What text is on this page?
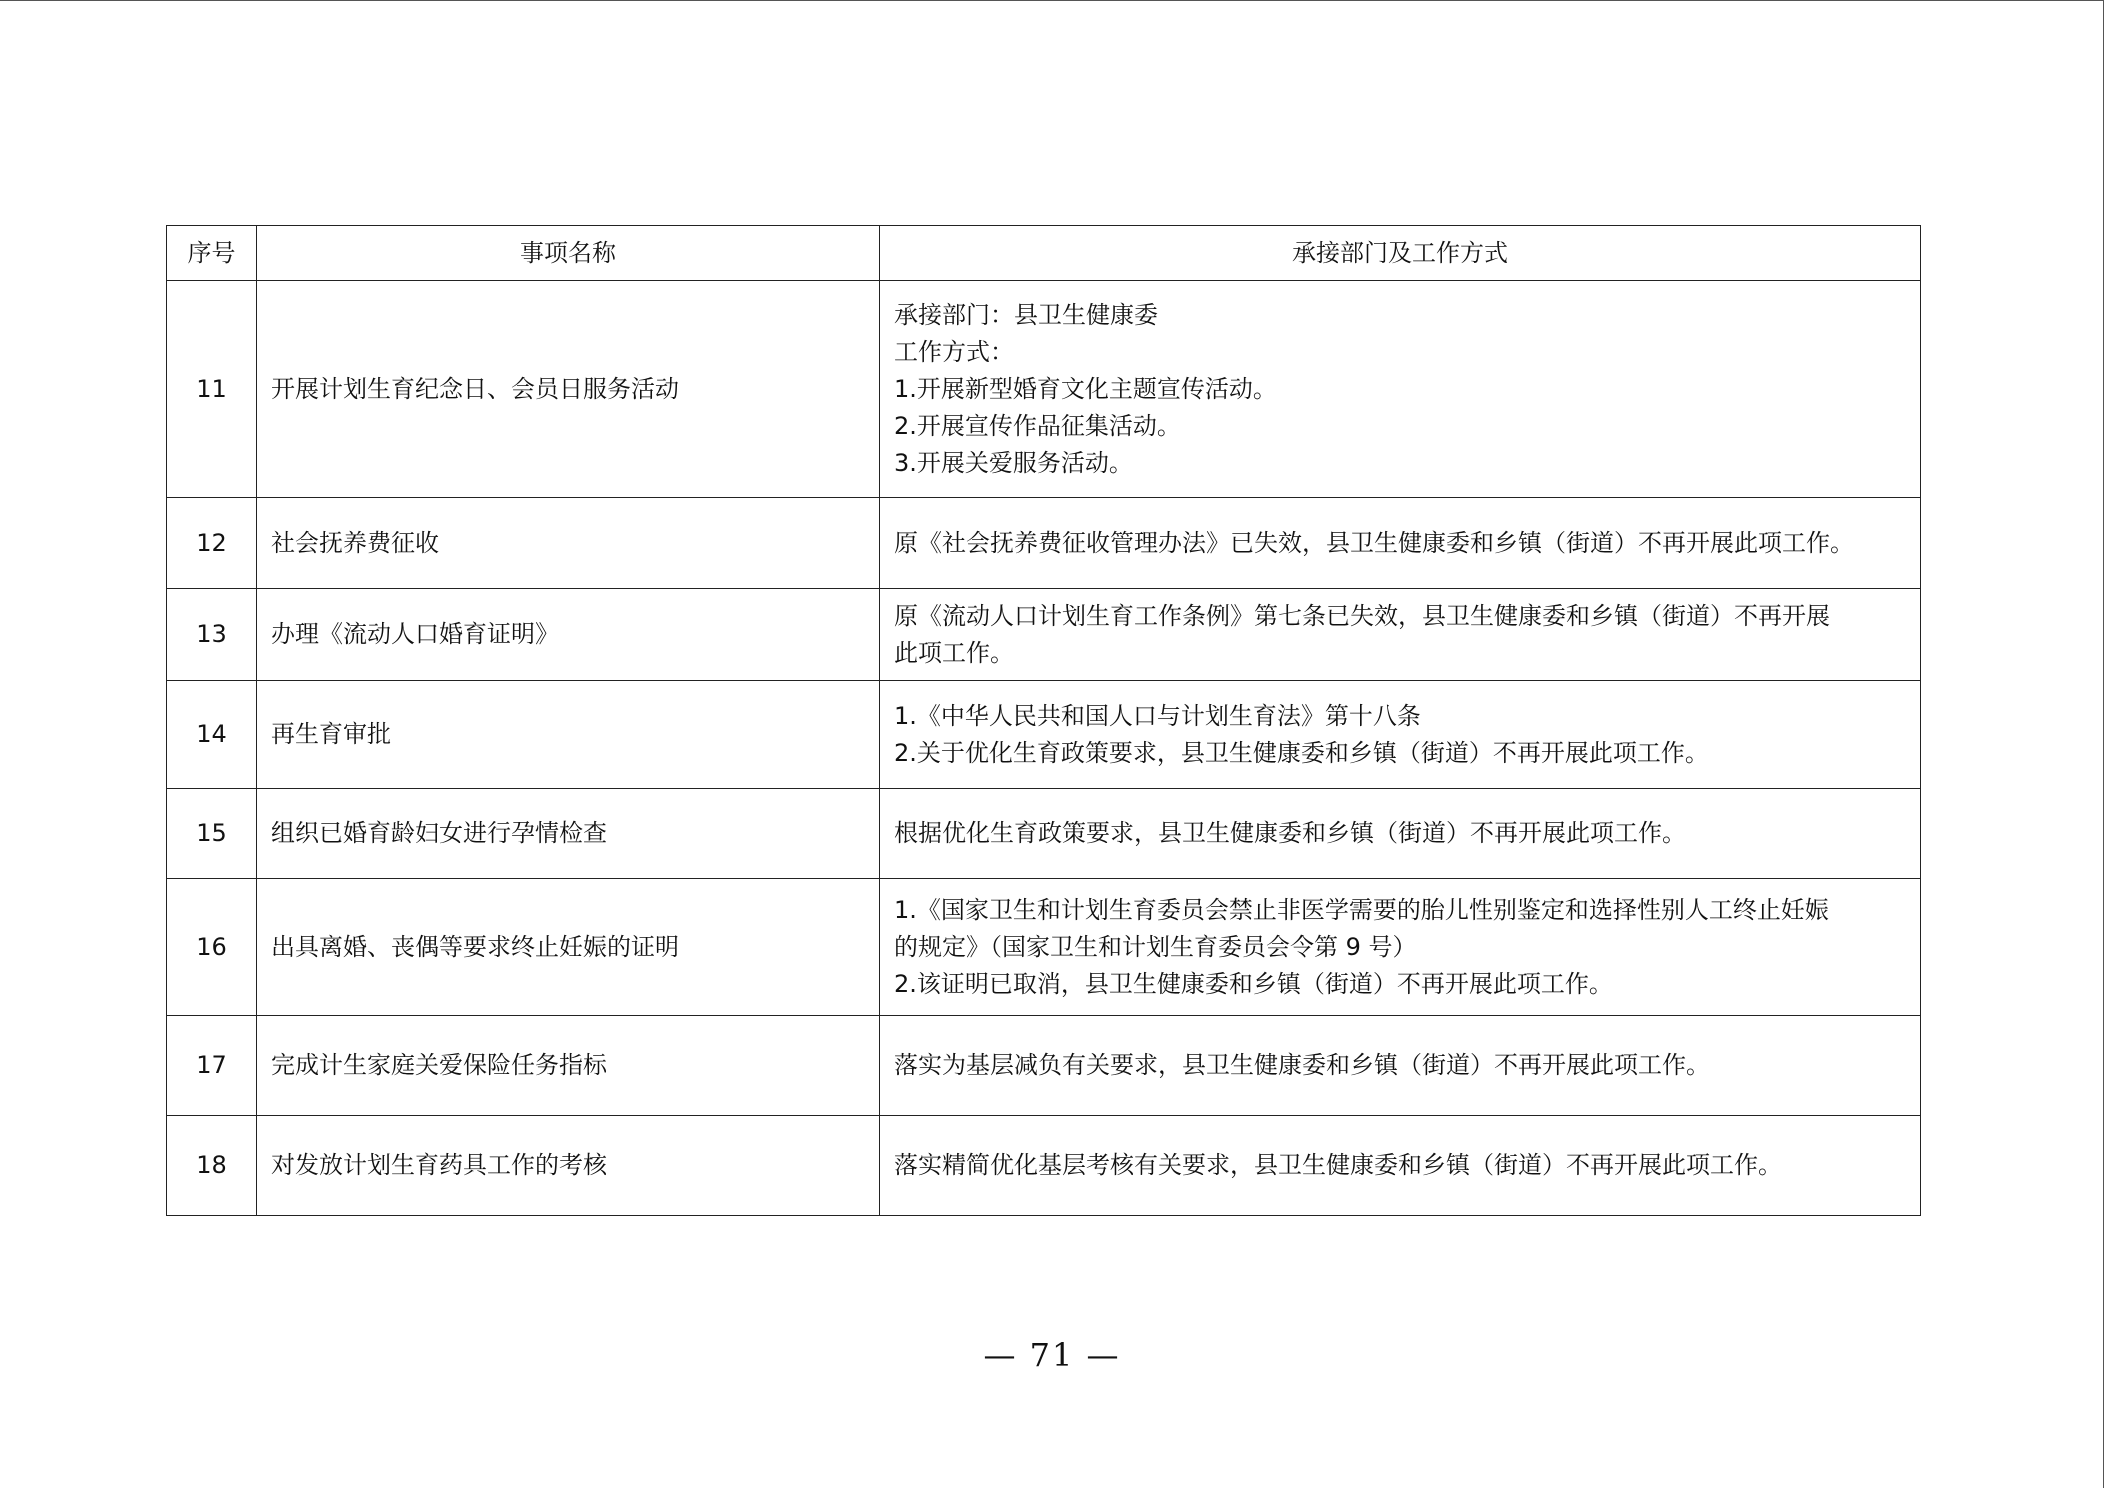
序号	事项名称	承接部门及工作方式
11	开展计划生育纪念日、会员日服务活动	承接部门：县卫生健康委
工作方式：
1.开展新型婚育文化主题宣传活动。
2.开展宣传作品征集活动。
3.开展关爱服务活动。

12	社会抚养费征收	原《社会抚养费征收管理办法》已失效，县卫生健康委和乡镇（街道）不再开展此项工作。

13	办理《流动人口婚育证明》	原《流动人口计划生育工作条例》第七条已失效，县卫生健康委和乡镇（街道）不再开展
此项工作。

14	再生育审批	1.《中华人民共和国人口与计划生育法》第十八条
2.关于优化生育政策要求，县卫生健康委和乡镇（街道）不再开展此项工作。

15	组织已婚育龄妇女进行孕情检查	根据优化生育政策要求，县卫生健康委和乡镇（街道）不再开展此项工作。

16	出具离婚、丧偶等要求终止妊娠的证明	1.《国家卫生和计划生育委员会禁止非医学需要的胎儿性别鉴定和选择性别人工终止妊娠
的规定》（国家卫生和计划生育委员会令第 9 号）
2.该证明已取消，县卫生健康委和乡镇（街道）不再开展此项工作。

17	完成计生家庭关爱保险任务指标	落实为基层减负有关要求，县卫生健康委和乡镇（街道）不再开展此项工作。

18	对发放计划生育药具工作的考核	落实精简优化基层考核有关要求，县卫生健康委和乡镇（街道）不再开展此项工作。
— 71 —
